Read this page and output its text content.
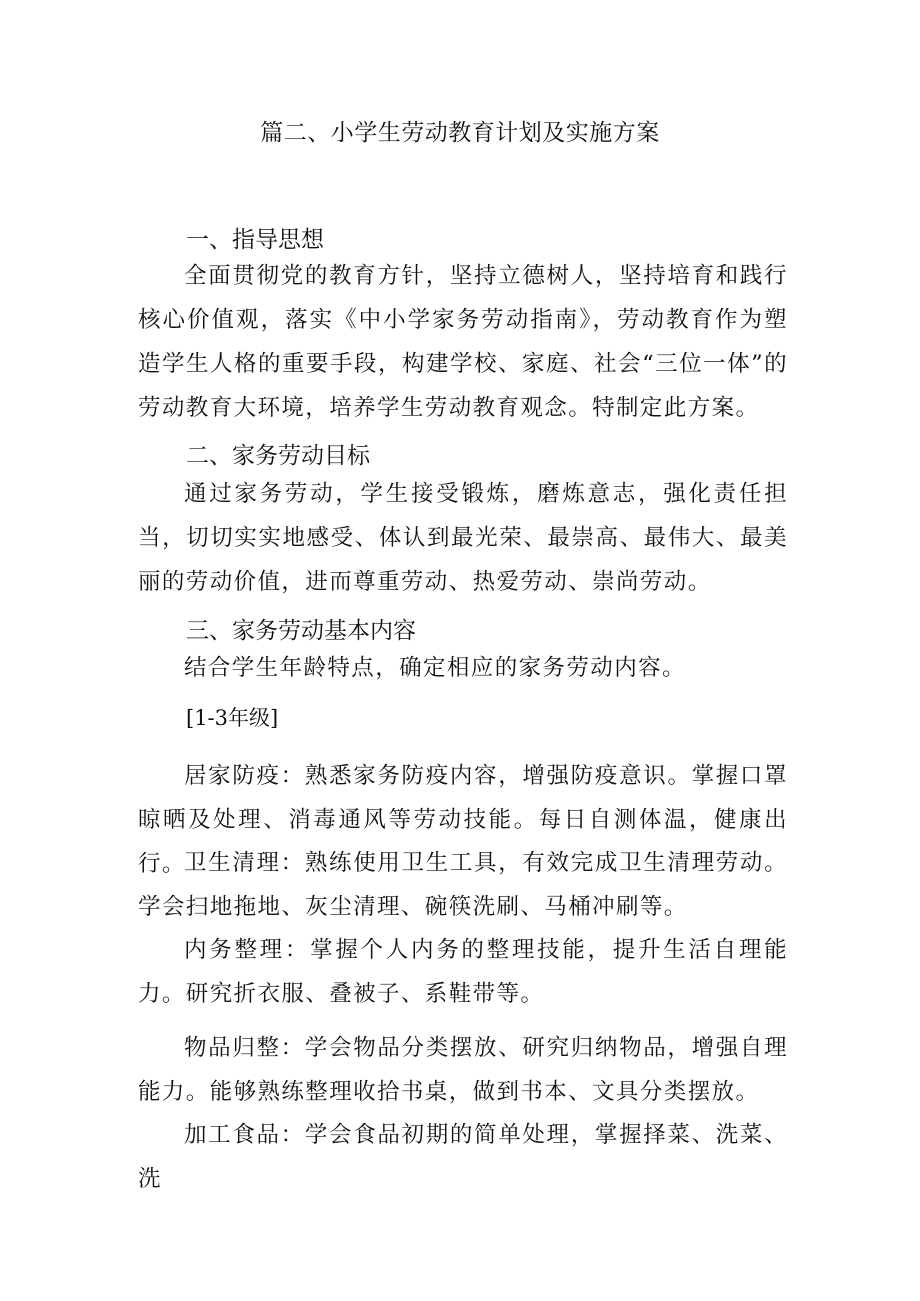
篇二、小学生劳动教育计划及实施方案
一、指导思想

全面贯彻党的教育方针，坚持立德树人，坚持培育和践行核心价值观，落实《中小学家务劳动指南》，劳动教育作为塑造学生人格的重要手段，构建学校、家庭、社会“三位一体”的劳动教育大环境，培养学生劳动教育观念。特制定此方案。

二、家务劳动目标

通过家务劳动，学生接受锻炼，磨炼意志，强化责任担当，切切实实地感受、体认到最光荣、最崇高、最伟大、最美丽的劳动价值，进而尊重劳动、热爱劳动、崇尚劳动。

三、家务劳动基本内容

结合学生年龄特点，确定相应的家务劳动内容。

[1-3年级]

居家防疫：熟悉家务防疫内容，增强防疫意识。掌握口罩晾晒及处理、消毒通风等劳动技能。每日自测体温，健康出行。

卫生清理：熟练使用卫生工具，有效完成卫生清理劳动。学会扫地拖地、灰尘清理、碗筷洗刷、马桶冲刷等。

内务整理：掌握个人内务的整理技能，提升生活自理能力。研究折衣服、叠被子、系鞋带等。

物品归整：学会物品分类摆放、研究归纳物品，增强自理能力。能够熟练整理收拾书桌，做到书本、文具分类摆放。

加工食品：学会食品初期的简单处理，掌握择菜、洗菜、洗
